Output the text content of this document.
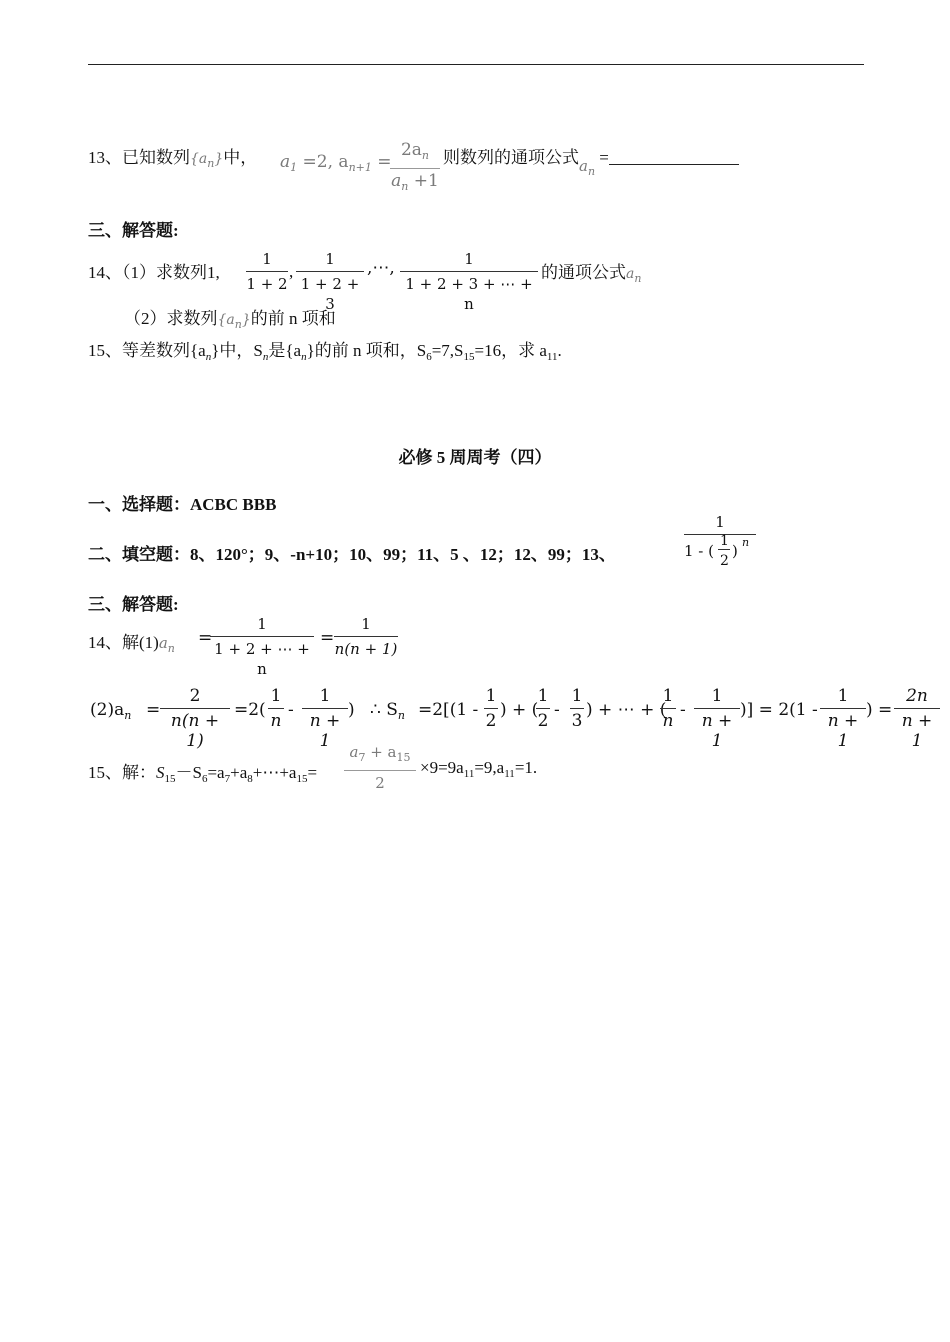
13、已知数列$\{a_n\}$中， $a_1 =2$, $a_{n+1}$ =
$2a_n$
$a_n +1$
则数列的通项公式$a_n$ =
三、解答题:
14、（1）求数列1,
1
1 + 2
,
1
1 + 2 + 3
,⋯,	1
1 + 2 + 3 + ⋯ + n
的通项公式$a_n$
（2）求数列$\{a_n\}$的前 n 项和
15、等差数列$\{a_n\}$中，$S_n$是$\{a_n\}$的前 n 项和，$S_6=7,S_{15}=16$，求 $a_{11}$.
必修 5 周周考（四）
一、选择题：ACBC BBB
二、填空题：8、120°；9、-n+10；10、99；11、5 、12；12、99；13、
1
1 - (
1
2
) n
三、解答题:
14、解$(1)a_n$
=
1
1 + 2 + ⋯ + n
=
1
n(n + 1)
$(2)a_n$ =
2
n(n + 1)
=2(
1
n
-
1
n + 1
) ∴ $S_n =2[(1$ -
1
2
) + (
1
2
-
1
3
) + ⋯ + (
1
n
-
1
n + 1
)] = 2(1 -
1
n + 1
) =
2n
n + 1
15、解：$S_{15}-S_6=a_7+a_8+\cdots+a_{15}=$
$a_7 + a_{15}$
2
$\times 9=9a_{11}=9,a_{11}=1$.
